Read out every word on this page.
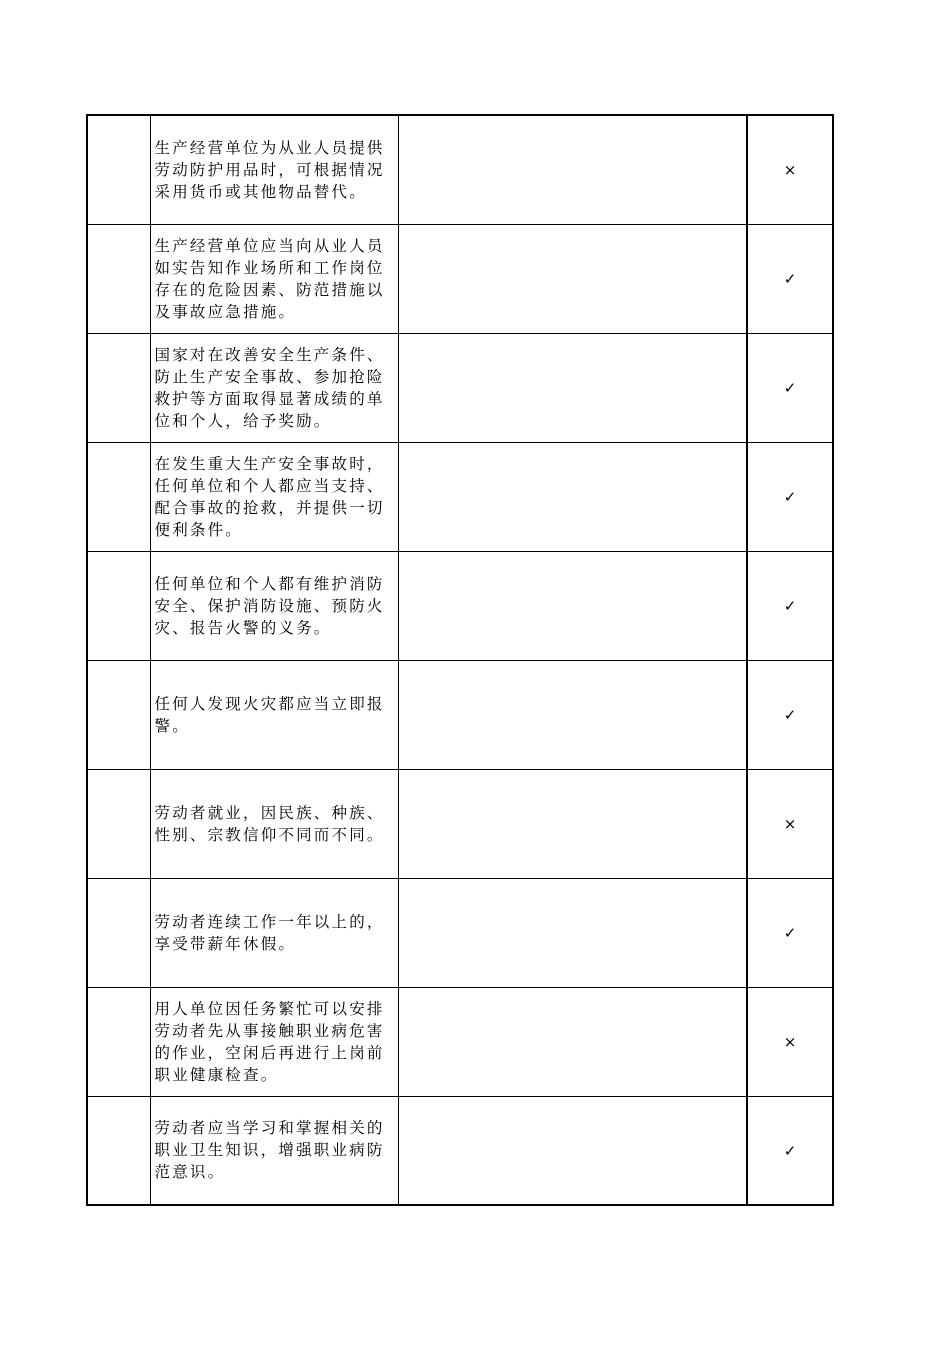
	生产经营单位为从业人员提供劳动防护用品时，可根据情况采用货币或其他物品替代。		×

	生产经营单位应当向从业人员如实告知作业场所和工作岗位存在的危险因素、防范措施以及事故应急措施。		✓

	国家对在改善安全生产条件、防止生产安全事故、参加抢险救护等方面取得显著成绩的单位和个人，给予奖励。		✓

	在发生重大生产安全事故时，任何单位和个人都应当支持、配合事故的抢救，并提供一切便利条件。		✓

	任何单位和个人都有维护消防安全、保护消防设施、预防火灾、报告火警的义务。		✓

	任何人发现火灾都应当立即报警。		✓

	劳动者就业，因民族、种族、性别、宗教信仰不同而不同。		×

	劳动者连续工作一年以上的，享受带薪年休假。		✓

	用人单位因任务繁忙可以安排劳动者先从事接触职业病危害的作业，空闲后再进行上岗前职业健康检查。		×

	劳动者应当学习和掌握相关的职业卫生知识，增强职业病防范意识。		✓
